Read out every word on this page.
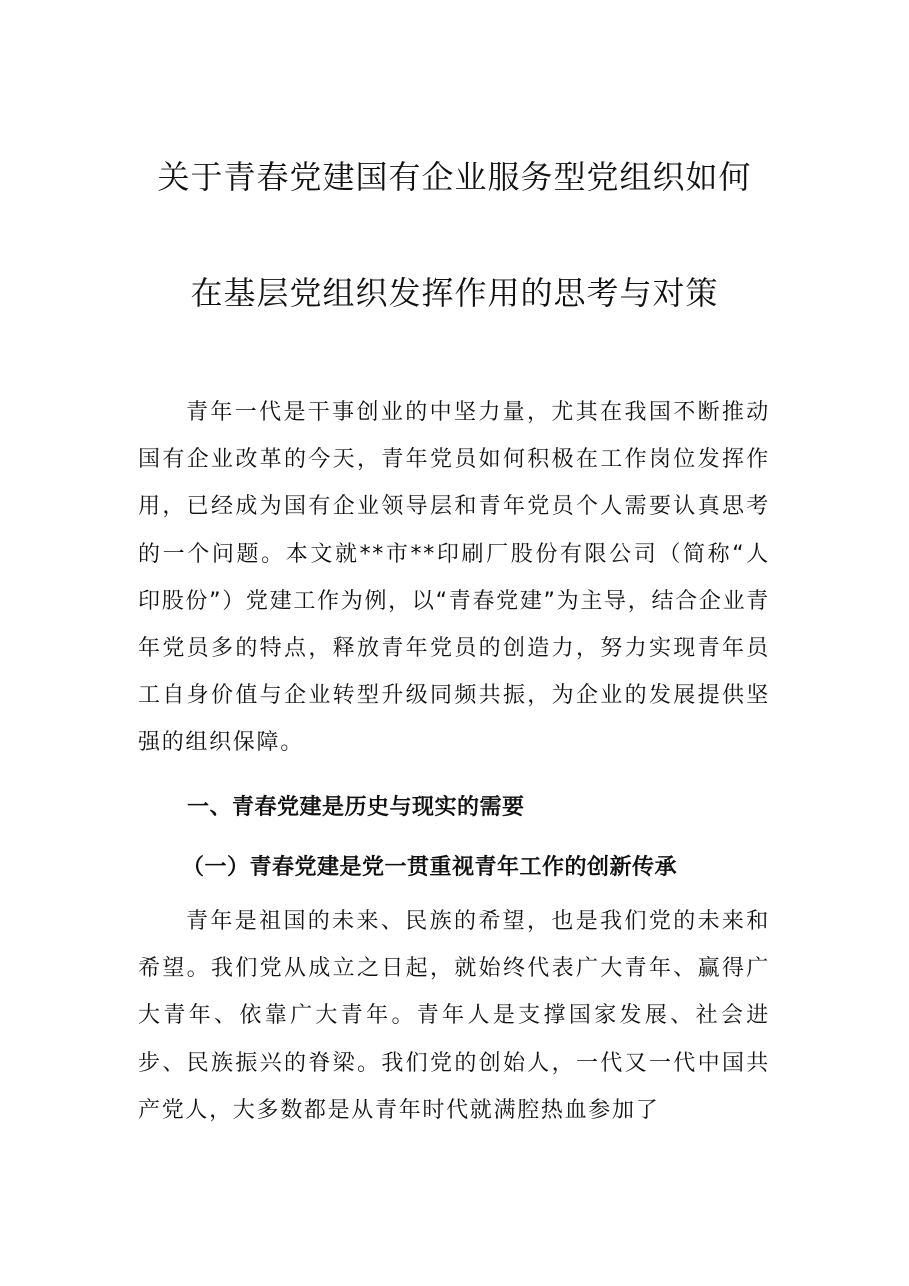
关于青春党建国有企业服务型党组织如何
在基层党组织发挥作用的思考与对策

青年一代是干事创业的中坚力量，尤其在我国不断推动国有企业改革的今天，青年党员如何积极在工作岗位发挥作用，已经成为国有企业领导层和青年党员个人需要认真思考的一个问题。本文就**市**印刷厂股份有限公司（简称“人印股份”）党建工作为例，以“青春党建”为主导，结合企业青年党员多的特点，释放青年党员的创造力，努力实现青年员工自身价值与企业转型升级同频共振，为企业的发展提供坚强的组织保障。

一、青春党建是历史与现实的需要

（一）青春党建是党一贯重视青年工作的创新传承

青年是祖国的未来、民族的希望，也是我们党的未来和希望。我们党从成立之日起，就始终代表广大青年、赢得广大青年、依靠广大青年。青年人是支撑国家发展、社会进步、民族振兴的脊梁。我们党的创始人，一代又一代中国共产党人，大多数都是从青年时代就满腔热血参加了
